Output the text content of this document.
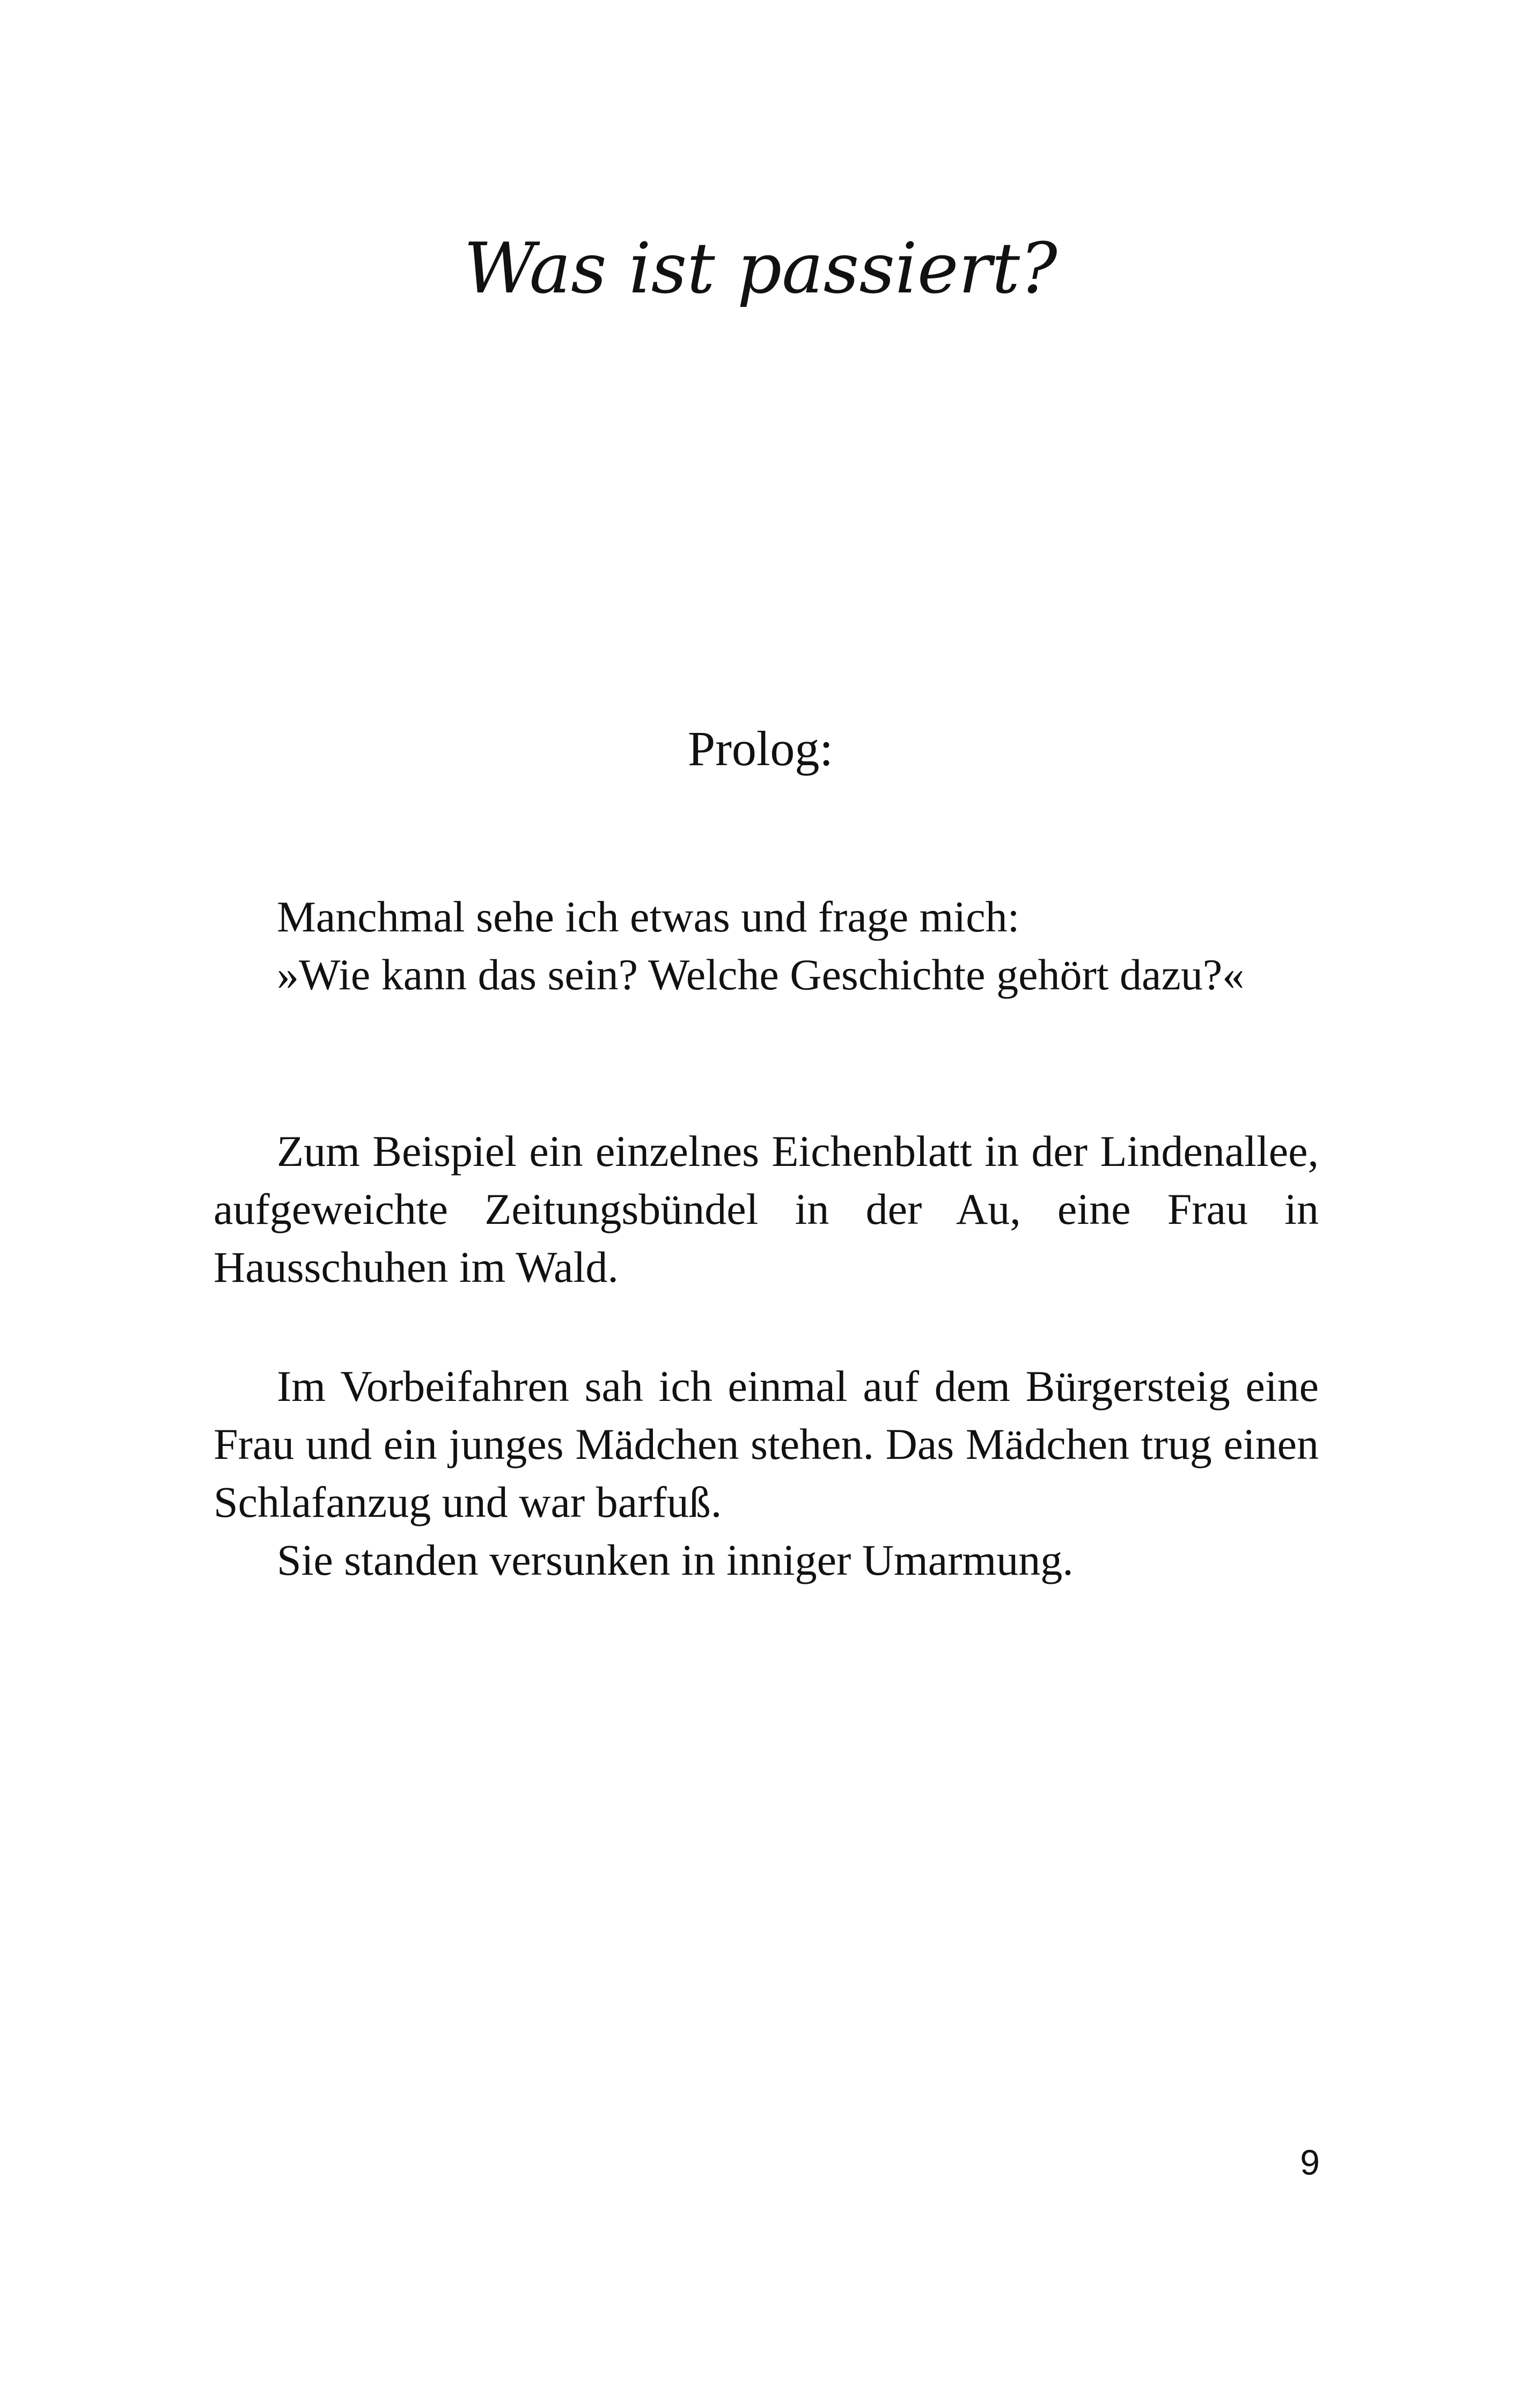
Was ist passiert?
Prolog:

Manchmal sehe ich etwas und frage mich:

»Wie kann das sein? Welche Geschichte gehört dazu?«

Zum Beispiel ein einzelnes Eichenblatt in der Lindenallee, aufgeweichte Zeitungsbündel in der Au, eine Frau in Hausschuhen im Wald.

Im Vorbeifahren sah ich einmal auf dem Bürgersteig eine Frau und ein junges Mädchen stehen. Das Mädchen trug einen Schlafanzug und war barfuß.

Sie standen versunken in inniger Umarmung.

9
